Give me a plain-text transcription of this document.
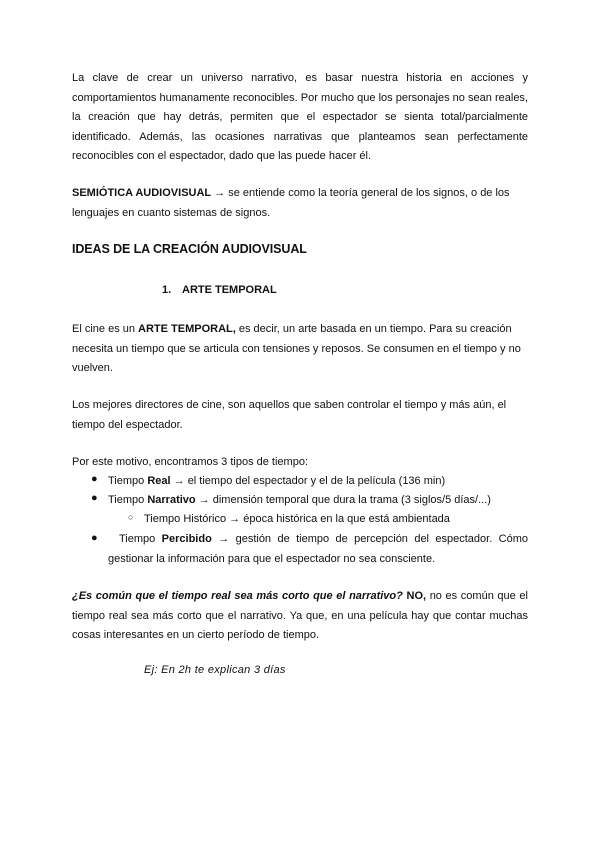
La clave de crear un universo narrativo, es basar nuestra historia en acciones y comportamientos humanamente reconocibles. Por mucho que los personajes no sean reales, la creación que hay detrás, permiten que el espectador se sienta total/parcialmente identificado. Además, las ocasiones narrativas que planteamos sean perfectamente reconocibles con el espectador, dado que las puede hacer él.

SEMIÓTICA AUDIOVISUAL → se entiende como la teoría general de los signos, o de los lenguajes en cuanto sistemas de signos.

IDEAS DE LA CREACIÓN AUDIOVISUAL
1. ARTE TEMPORAL

El cine es un ARTE TEMPORAL, es decir, un arte basada en un tiempo. Para su creación necesita un tiempo que se articula con tensiones y reposos. Se consumen en el tiempo y no vuelven.

Los mejores directores de cine, son aquellos que saben controlar el tiempo y más aún, el tiempo del espectador.

Por este motivo, encontramos 3 tipos de tiempo:

● Tiempo Real → el tiempo del espectador y el de la película (136 min)

● Tiempo Narrativo → dimensión temporal que dura la trama (3 siglos/5 días/...)

○ Tiempo Histórico → época histórica en la que está ambientada

●	Tiempo Percibido → gestión de tiempo de percepción del espectador. Cómo gestionar la información para que el espectador no sea consciente.

¿Es común que el tiempo real sea más corto que el narrativo? NO, no es común que el tiempo real sea más corto que el narrativo. Ya que, en una película hay que contar muchas cosas interesantes en un cierto período de tiempo.

Ej: En 2h te explican 3 días
